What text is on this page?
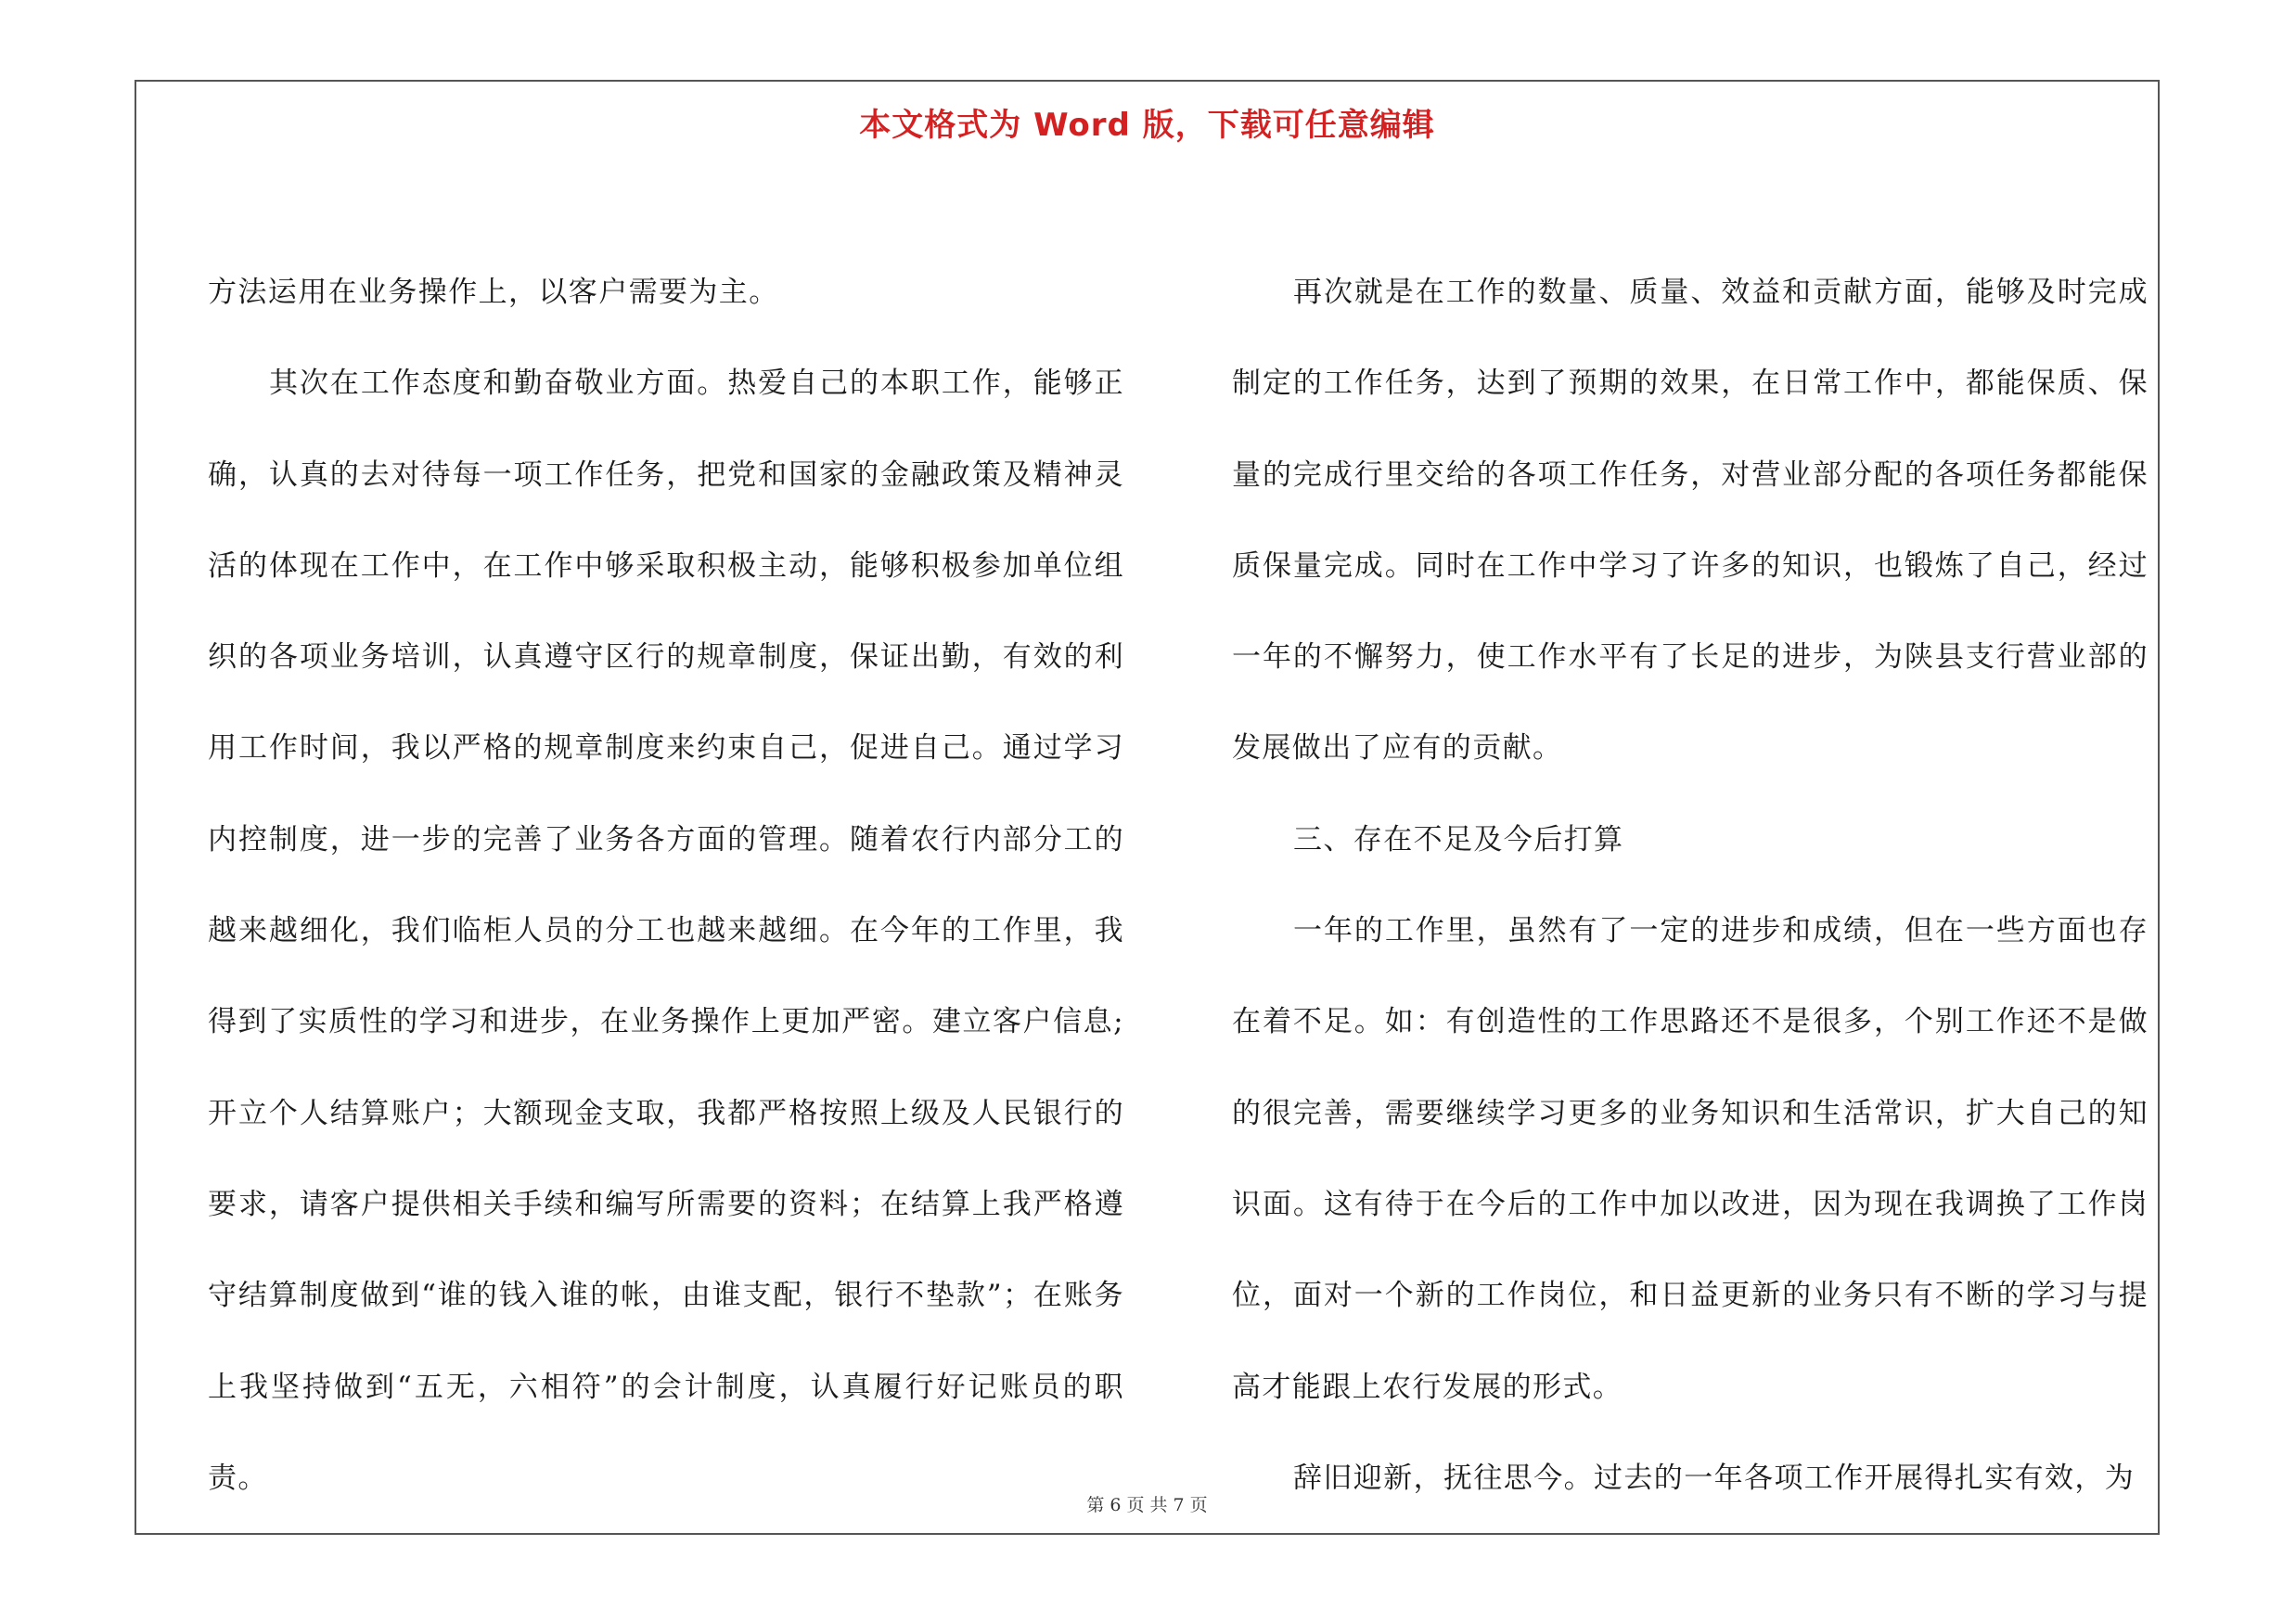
本文格式为 Word 版，下载可任意编辑

方法运用在业务操作上，以客户需要为主。

其次在工作态度和勤奋敬业方面。热爱自己的本职工作，能够正确，认真的去对待每一项工作任务，把党和国家的金融政策及精神灵活的体现在工作中，在工作中够采取积极主动，能够积极参加单位组织的各项业务培训，认真遵守区行的规章制度，保证出勤，有效的利用工作时间，我以严格的规章制度来约束自己，促进自己。通过学习内控制度，进一步的完善了业务各方面的管理。随着农行内部分工的越来越细化，我们临柜人员的分工也越来越细。在今年的工作里，我得到了实质性的学习和进步，在业务操作上更加严密。建立客户信息;开立个人结算账户；大额现金支取，我都严格按照上级及人民银行的要求，请客户提供相关手续和编写所需要的资料；在结算上我严格遵守结算制度做到“谁的钱入谁的帐，由谁支配，银行不垫款”；在账务上我坚持做到“五无，六相符”的会计制度，认真履行好记账员的职责。

再次就是在工作的数量、质量、效益和贡献方面，能够及时完成制定的工作任务，达到了预期的效果，在日常工作中，都能保质、保量的完成行里交给的各项工作任务，对营业部分配的各项任务都能保质保量完成。同时在工作中学习了许多的知识，也锻炼了自己，经过一年的不懈努力，使工作水平有了长足的进步，为陕县支行营业部的发展做出了应有的贡献。

三、存在不足及今后打算

一年的工作里，虽然有了一定的进步和成绩，但在一些方面也存在着不足。如：有创造性的工作思路还不是很多，个别工作还不是做的很完善，需要继续学习更多的业务知识和生活常识，扩大自己的知识面。这有待于在今后的工作中加以改进，因为现在我调换了工作岗位，面对一个新的工作岗位，和日益更新的业务只有不断的学习与提高才能跟上农行发展的形式。

辞旧迎新，抚往思今。过去的一年各项工作开展得扎实有效，为

第 6 页 共 7 页
